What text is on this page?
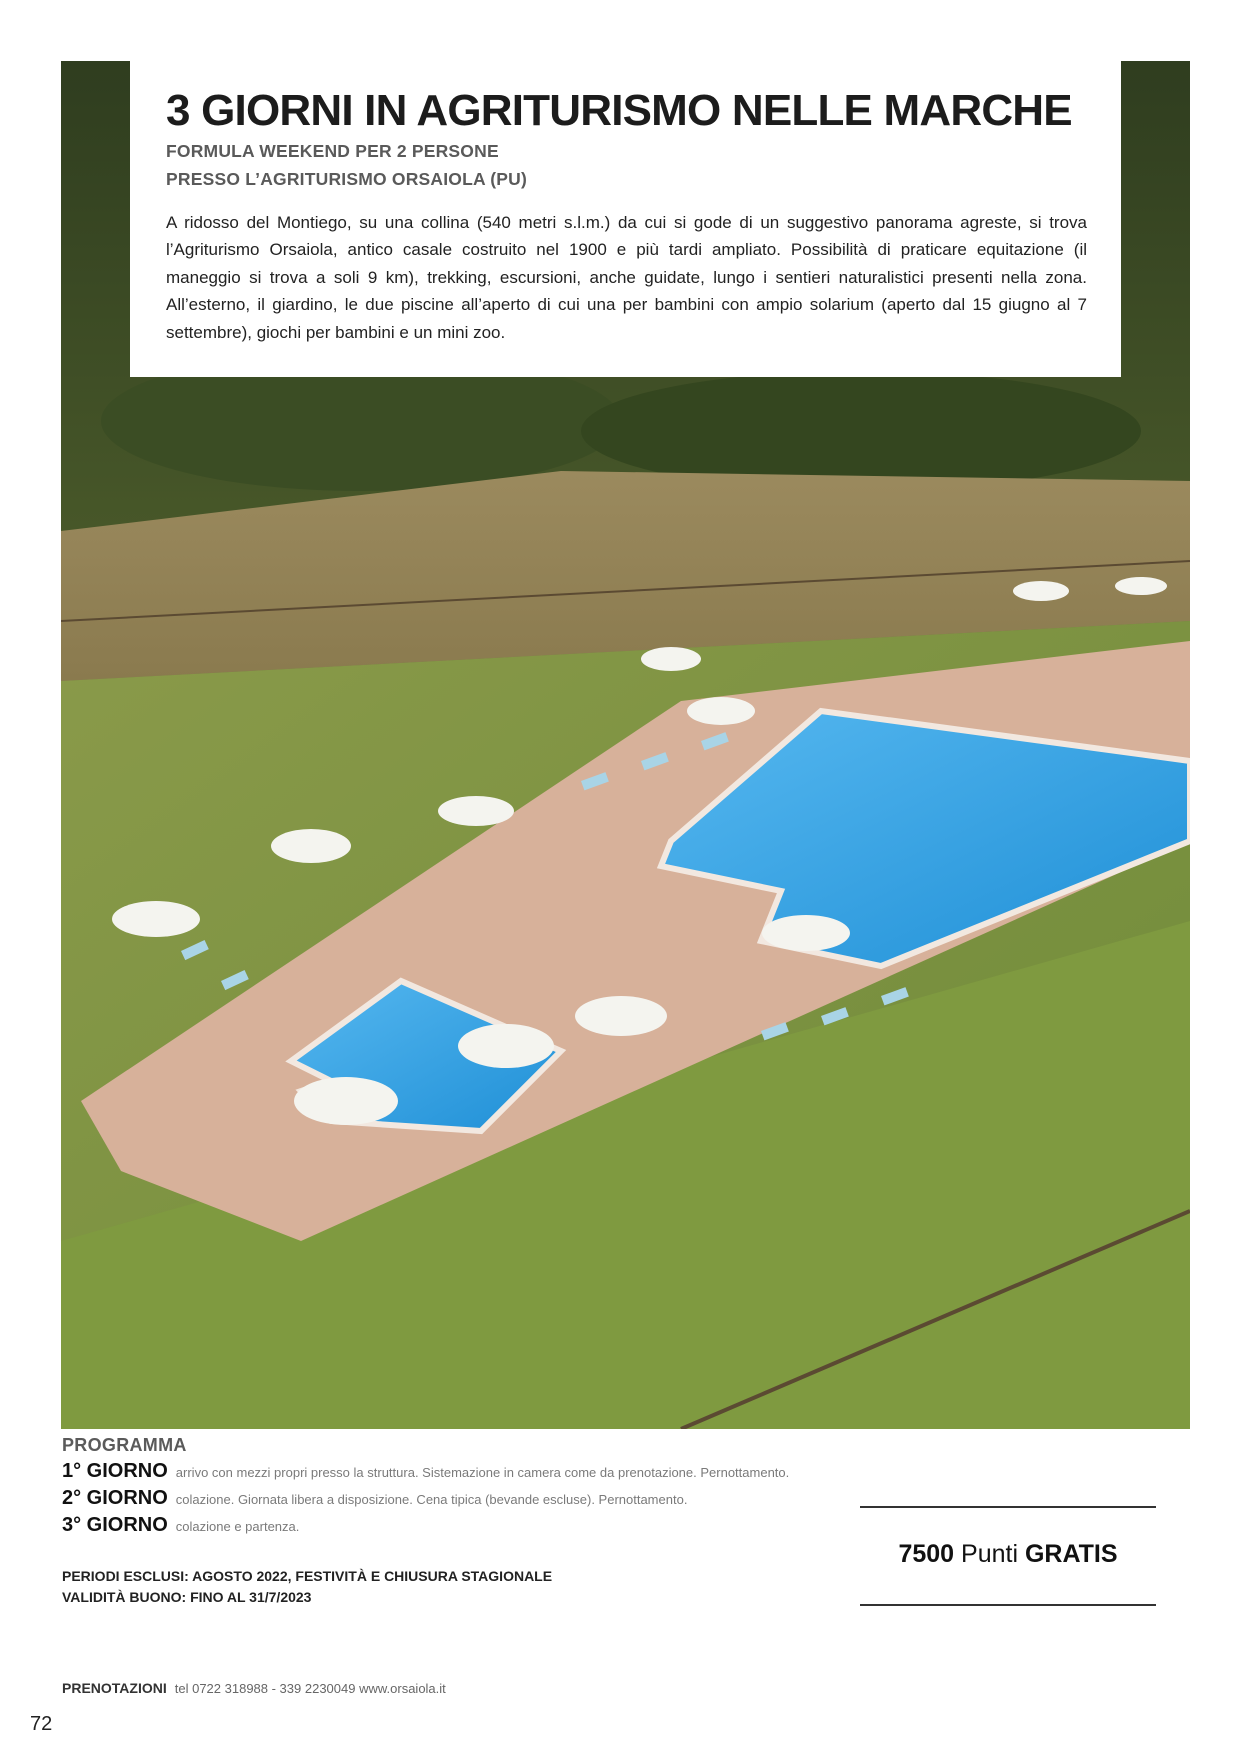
3 GIORNI IN AGRITURISMO NELLE MARCHE
FORMULA WEEKEND PER 2 PERSONE
PRESSO L’AGRITURISMO ORSAIOLA (PU)

A ridosso del Montiego, su una collina (540 metri s.l.m.) da cui si gode di un suggestivo panorama agreste, si trova l’Agriturismo Orsaiola, antico casale costruito nel 1900 e più tardi ampliato. Possibilità di praticare equitazione (il maneggio si trova a soli 9 km), trekking, escursioni, anche guidate, lungo i sentieri naturalistici presenti nella zona. All’esterno, il giardino, le due piscine all’aperto di cui una per bambini con ampio solarium (aperto dal 15 giugno al 7 settembre), giochi per bambini e un mini zoo.

PROGRAMMA
1° GIORNO arrivo con mezzi propri presso la struttura. Sistemazione in camera come da prenotazione. Pernottamento.
2° GIORNO colazione. Giornata libera a disposizione. Cena tipica (bevande escluse). Pernottamento.
3° GIORNO colazione e partenza.
PERIODI ESCLUSI: AGOSTO 2022, FESTIVITÀ E CHIUSURA STAGIONALE
VALIDITÀ BUONO: FINO AL 31/7/2023
7500 Punti GRATIS
PRENOTAZIONI tel 0722 318988 - 339 2230049 www.orsaiola.it
72
